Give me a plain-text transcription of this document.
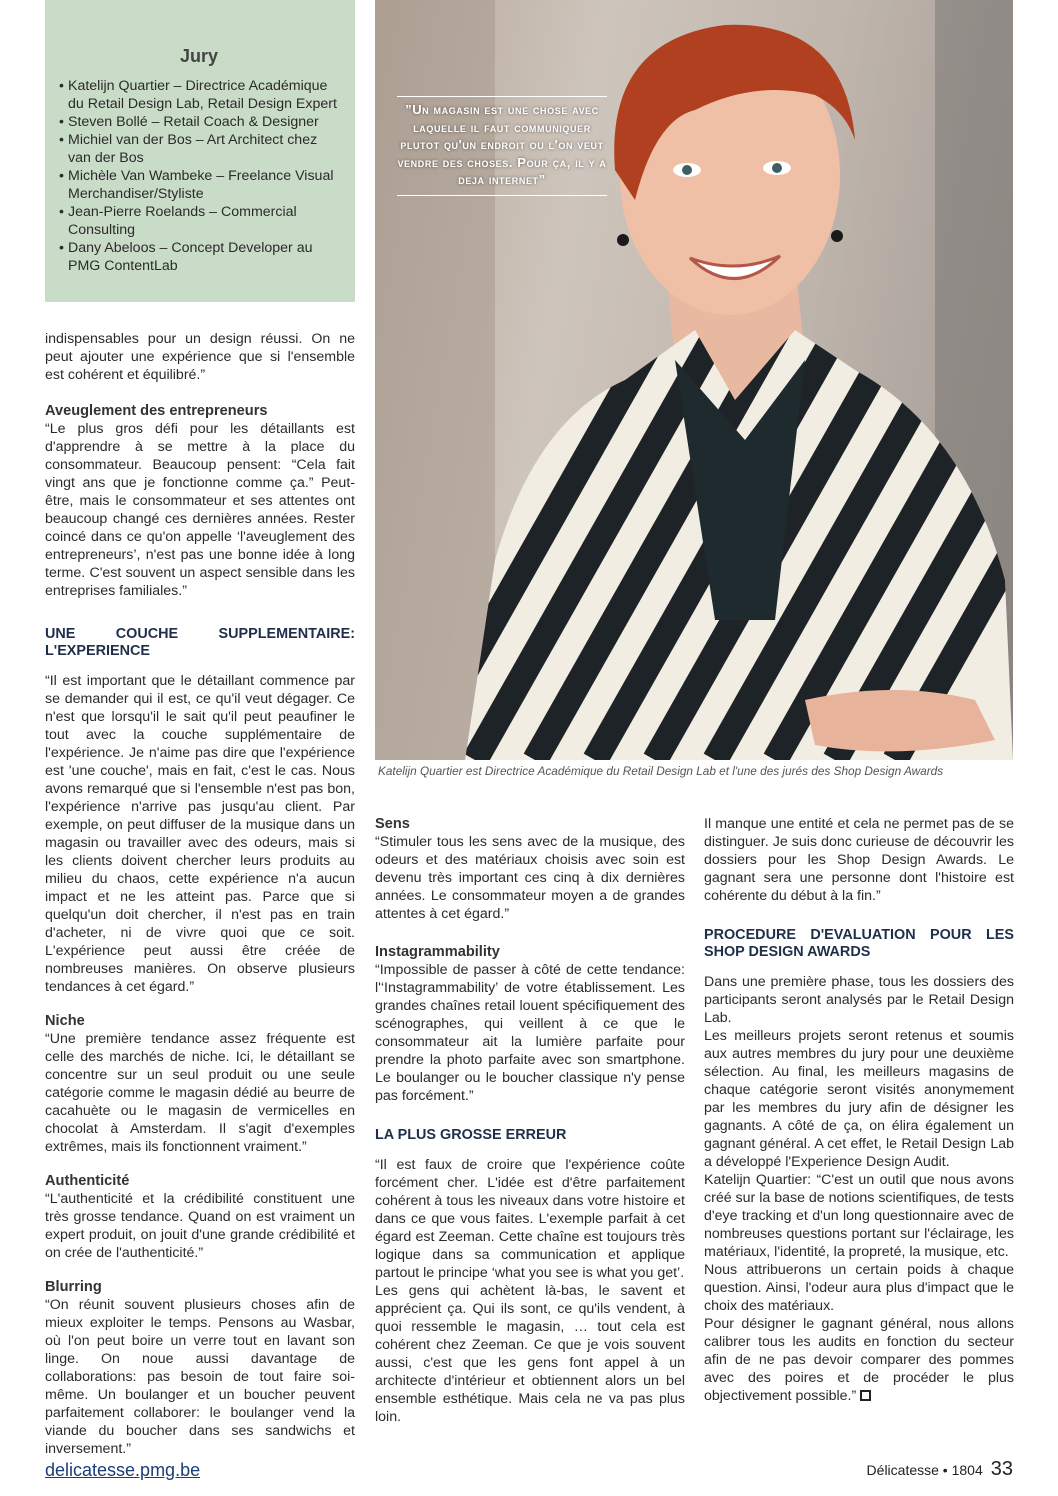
Jury
• Katelijn Quartier – Directrice Académique du Retail Design Lab, Retail Design Expert
• Steven Bollé – Retail Coach & Designer
• Michiel van der Bos – Art Architect chez van der Bos
• Michèle Van Wambeke – Freelance Visual Merchandiser/Styliste
• Jean-Pierre Roelands – Commercial Consulting
• Dany Abeloos – Concept Developer au PMG ContentLab
”Un magasin est une chose avec laquelle il faut communiquer plutot qu'un endroit ou l'on veut vendre des choses. Pour ça, il y a deja internet”
Katelijn Quartier est Directrice Académique du Retail Design Lab et l'une des jurés des Shop Design Awards

indispensables pour un design réussi. On ne peut ajouter une expérience que si l'ensemble est cohérent et équilibré.”

Aveuglement des entrepreneurs

“Le plus gros défi pour les détaillants est d'apprendre à se mettre à la place du consommateur. Beaucoup pensent: “Cela fait vingt ans que je fonctionne comme ça.” Peut-être, mais le consommateur et ses attentes ont beaucoup changé ces dernières années. Rester coincé dans ce qu'on appelle ‘l'aveuglement des entrepreneurs’, n'est pas une bonne idée à long terme. C'est souvent un aspect sensible dans les entreprises familiales.”

UNE COUCHE SUPPLEMENTAIRE: L'EXPERIENCE

“Il est important que le détaillant commence par se demander qui il est, ce qu'il veut dégager. Ce n'est que lorsqu'il le sait qu'il peut peaufiner le tout avec la couche supplémentaire de l'expérience. Je n'aime pas dire que l'expérience est 'une couche', mais en fait, c'est le cas. Nous avons remarqué que si l'ensemble n'est pas bon, l'expérience n'arrive pas jusqu'au client. Par exemple, on peut diffuser de la musique dans un magasin ou travailler avec des odeurs, mais si les clients doivent chercher leurs produits au milieu du chaos, cette expérience n'a aucun impact et ne les atteint pas. Parce que si quelqu'un doit chercher, il n'est pas en train d'acheter, ni de vivre quoi que ce soit. L'expérience peut aussi être créée de nombreuses manières. On observe plusieurs tendances à cet égard.”

Niche

“Une première tendance assez fréquente est celle des marchés de niche. Ici, le détaillant se concentre sur un seul produit ou une seule catégorie comme le magasin dédié au beurre de cacahuète ou le magasin de vermicelles en chocolat à Amsterdam. Il s'agit d'exemples extrêmes, mais ils fonctionnent vraiment.”

Authenticité

“L'authenticité et la crédibilité constituent une très grosse tendance. Quand on est vraiment un expert produit, on jouit d'une grande crédibilité et on crée de l'authenticité.”

Blurring

“On réunit souvent plusieurs choses afin de mieux exploiter le temps. Pensons au Wasbar, où l'on peut boire un verre tout en lavant son linge. On noue aussi davantage de collaborations: pas besoin de tout faire soi-même. Un boulanger et un boucher peuvent parfaitement collaborer: le boulanger vend la viande du boucher dans ses sandwichs et inversement.”

Sens

“Stimuler tous les sens avec de la musique, des odeurs et des matériaux choisis avec soin est devenu très important ces cinq à dix dernières années. Le consommateur moyen a de grandes attentes à cet égard.”

Instagrammability

“Impossible de passer à côté de cette tendance: l'‘Instagrammability’ de votre établissement. Les grandes chaînes retail louent spécifiquement des scénographes, qui veillent à ce que le consommateur ait la lumière parfaite pour prendre la photo parfaite avec son smartphone. Le boulanger ou le boucher classique n'y pense pas forcément.”

LA PLUS GROSSE ERREUR

“Il est faux de croire que l'expérience coûte forcément cher. L'idée est d'être parfaitement cohérent à tous les niveaux dans votre histoire et dans ce que vous faites. L'exemple parfait à cet égard est Zeeman. Cette chaîne est toujours très logique dans sa communication et applique partout le principe ‘what you see is what you get’.

Les gens qui achètent là-bas, le savent et apprécient ça. Qui ils sont, ce qu'ils vendent, à quoi ressemble le magasin, … tout cela est cohérent chez Zeeman. Ce que je vois souvent aussi, c'est que les gens font appel à un architecte d'intérieur et obtiennent alors un bel ensemble esthétique. Mais cela ne va pas plus loin.

Il manque une entité et cela ne permet pas de se distinguer. Je suis donc curieuse de découvrir les dossiers pour les Shop Design Awards. Le gagnant sera une personne dont l'histoire est cohérente du début à la fin.”

PROCEDURE D'EVALUATION POUR LES SHOP DESIGN AWARDS

Dans une première phase, tous les dossiers des participants seront analysés par le Retail Design Lab.

Les meilleurs projets seront retenus et soumis aux autres membres du jury pour une deuxième sélection. Au final, les meilleurs magasins de chaque catégorie seront visités anonymement par les membres du jury afin de désigner les gagnants. A côté de ça, on élira également un gagnant général. A cet effet, le Retail Design Lab a développé l'Experience Design Audit.

Katelijn Quartier: “C'est un outil que nous avons créé sur la base de notions scientifiques, de tests d'eye tracking et d'un long questionnaire avec de nombreuses questions portant sur l'éclairage, les matériaux, l'identité, la propreté, la musique, etc.

Nous attribuerons un certain poids à chaque question. Ainsi, l'odeur aura plus d'impact que le choix des matériaux.

Pour désigner le gagnant général, nous allons calibrer tous les audits en fonction du secteur afin de ne pas devoir comparer des pommes avec des poires et de procéder le plus objectivement possible.”

delicatesse.pmg.be	Délicatesse • 1804 33
